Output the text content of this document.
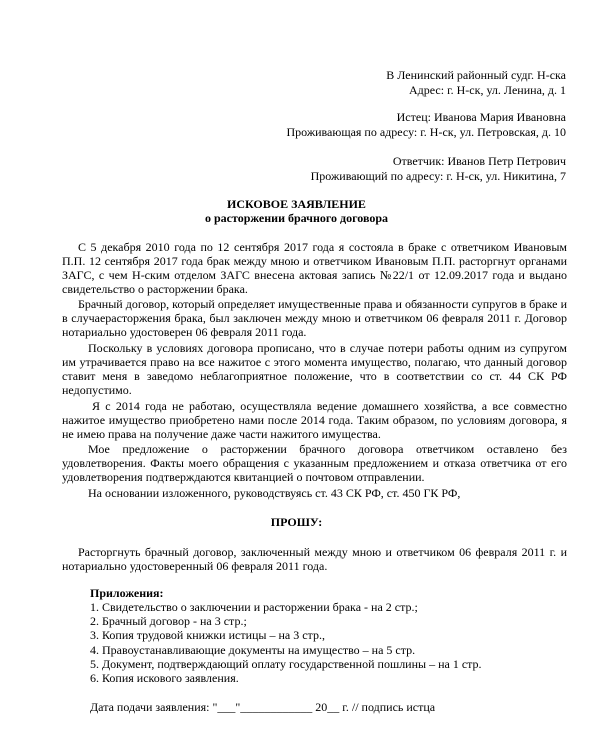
В Ленинский районный судг. Н-ска
Адрес: г. Н-ск, ул. Ленина, д. 1
Истец: Иванова Мария Ивановна
Проживающая по адресу: г. Н-ск, ул. Петровская, д. 10
Ответчик: Иванов Петр Петрович
Проживающий по адресу: г. Н-ск, ул. Никитина, 7
ИСКОВОЕ ЗАЯВЛЕНИЕ
о расторжении брачного договора
С 5 декабря 2010 года по 12 сентября 2017 года я состояла в браке с ответчиком Ивановым П.П. 12 сентября 2017 года брак между мною и ответчиком Ивановым П.П. расторгнут органами ЗАГС, с чем Н-ским отделом ЗАГС внесена актовая запись №22/1 от 12.09.2017 года и выдано свидетельство о расторжении брака.
Брачный договор, который определяет имущественные права и обязанности супругов в браке и в случаерасторжения брака, был заключен между мною и ответчиком 06 февраля 2011 г. Договор нотариально удостоверен 06 февраля 2011 года.
Поскольку в условиях договора прописано, что в случае потери работы одним из супругом им утрачивается право на все нажитое с этого момента имущество, полагаю, что данный договор ставит меня в заведомо неблагоприятное положение, что в соответствии со ст. 44 СК РФ недопустимо.
Я с 2014 года не работаю, осуществляла ведение домашнего хозяйства, а все совместно нажитое имущество приобретено нами после 2014 года. Таким образом, по условиям договора, я не имею права на получение даже части нажитого имущества.
Мое предложение о расторжении брачного договора ответчиком оставлено без удовлетворения. Факты моего обращения с указанным предложением и отказа ответчика от его удовлетворения подтверждаются квитанцией о почтовом отправлении.
На основании изложенного, руководствуясь ст. 43 СК РФ, ст. 450 ГК РФ,
ПРОШУ:
Расторгнуть брачный договор, заключенный между мною и ответчиком 06 февраля 2011 г. и нотариально удостоверенный 06 февраля 2011 года.
Приложения:
1. Свидетельство о заключении и расторжении брака - на 2 стр.;
2. Брачный договор - на 3 стр.;
3. Копия трудовой книжки истицы – на 3 стр.,
4. Правоустанавливающие документы на имущество – на 5 стр.
5. Документ, подтверждающий оплату государственной пошлины – на 1 стр.
6. Копия искового заявления.
Дата подачи заявления: "___"____________ 20__ г. // подпись истца
